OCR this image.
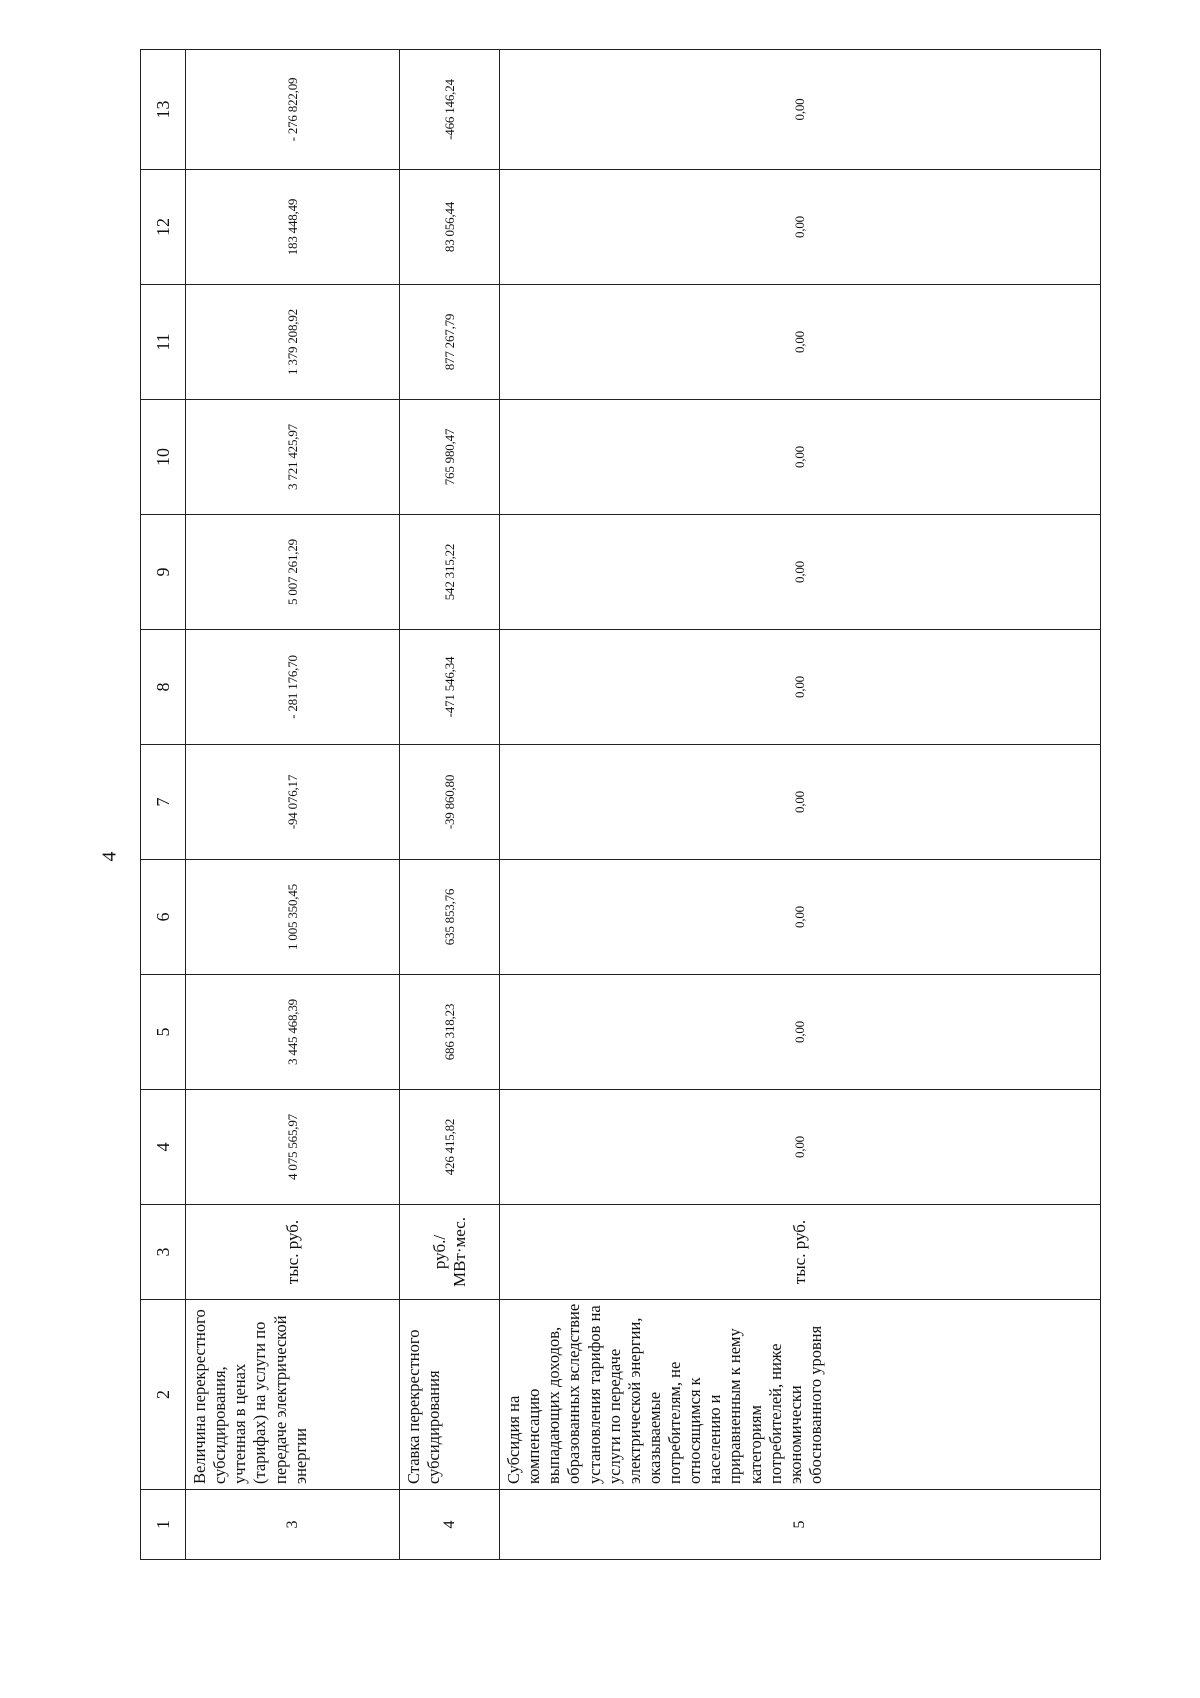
4
1	2	3	4	5	6	7	8	9	10	11	12	13
3	Величина перекрестного субсидирования, учтенная в ценах (тарифах) на услуги по передаче электрической энергии	тыс. руб.	4 075 565,97	3 445 468,39	1 005 350,45	-94 076,17	- 281 176,70	5 007 261,29	3 721 425,97	1 379 208,92	183 448,49	- 276 822,09
4	Ставка перекрестного субсидирования	руб./МВт·мес.	426 415,82	686 318,23	635 853,76	-39 860,80	-471 546,34	542 315,22	765 980,47	877 267,79	83 056,44	-466 146,24
5	Субсидия на компенсацию выпадающих доходов, образованных вследствие установления тарифов на услуги по передаче электрической энергии, оказываемые потребителям, не относящимся к населению и приравненным к нему категориям потребителей, ниже экономически обоснованного уровня	тыс. руб.	0,00	0,00	0,00	0,00	0,00	0,00	0,00	0,00	0,00	0,00
